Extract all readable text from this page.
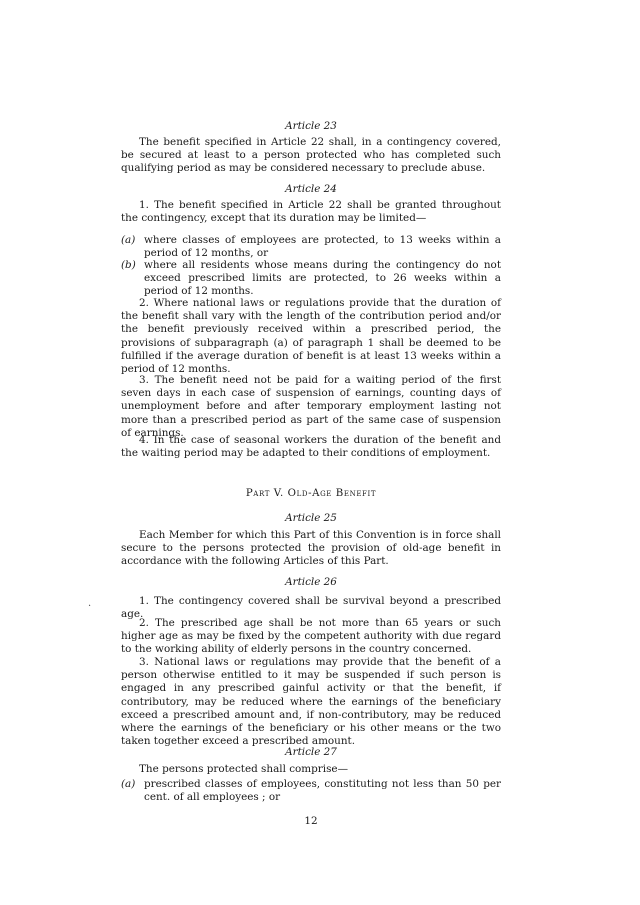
Article 23

The benefit specified in Article 22 shall, in a contingency covered, be secured at least to a person protected who has completed such qualifying period as may be considered necessary to preclude abuse.

Article 24

1. The benefit specified in Article 22 shall be granted throughout the contingency, except that its duration may be limited—

(a) where classes of employees are protected, to 13 weeks within a period of 12 months, or
(b) where all residents whose means during the contingency do not exceed prescribed limits are protected, to 26 weeks within a period of 12 months.

2. Where national laws or regulations provide that the duration of the benefit shall vary with the length of the contribution period and/or the benefit previously received within a prescribed period, the provisions of subparagraph (a) of paragraph 1 shall be deemed to be fulfilled if the average duration of benefit is at least 13 weeks within a period of 12 months.

3. The benefit need not be paid for a waiting period of the first seven days in each case of suspension of earnings, counting days of unemployment before and after temporary employment lasting not more than a prescribed period as part of the same case of suspension of earnings.

4. In the case of seasonal workers the duration of the benefit and the waiting period may be adapted to their conditions of employment.

Part V. Old-Age Benefit

Article 25

Each Member for which this Part of this Convention is in force shall secure to the persons protected the provision of old-age benefit in accordance with the following Articles of this Part.

Article 26

·	1. The contingency covered shall be survival beyond a prescribed age.

2. The prescribed age shall be not more than 65 years or such higher age as may be fixed by the competent authority with due regard to the working ability of elderly persons in the country concerned.

3. National laws or regulations may provide that the benefit of a person otherwise entitled to it may be suspended if such person is engaged in any prescribed gainful activity or that the benefit, if contributory, may be reduced where the earnings of the beneficiary exceed a prescribed amount and, if non-contributory, may be reduced where the earnings of the beneficiary or his other means or the two taken together exceed a prescribed amount.

Article 27

The persons protected shall comprise—

(a) prescribed classes of employees, constituting not less than 50 per cent. of all employees ; or
12
